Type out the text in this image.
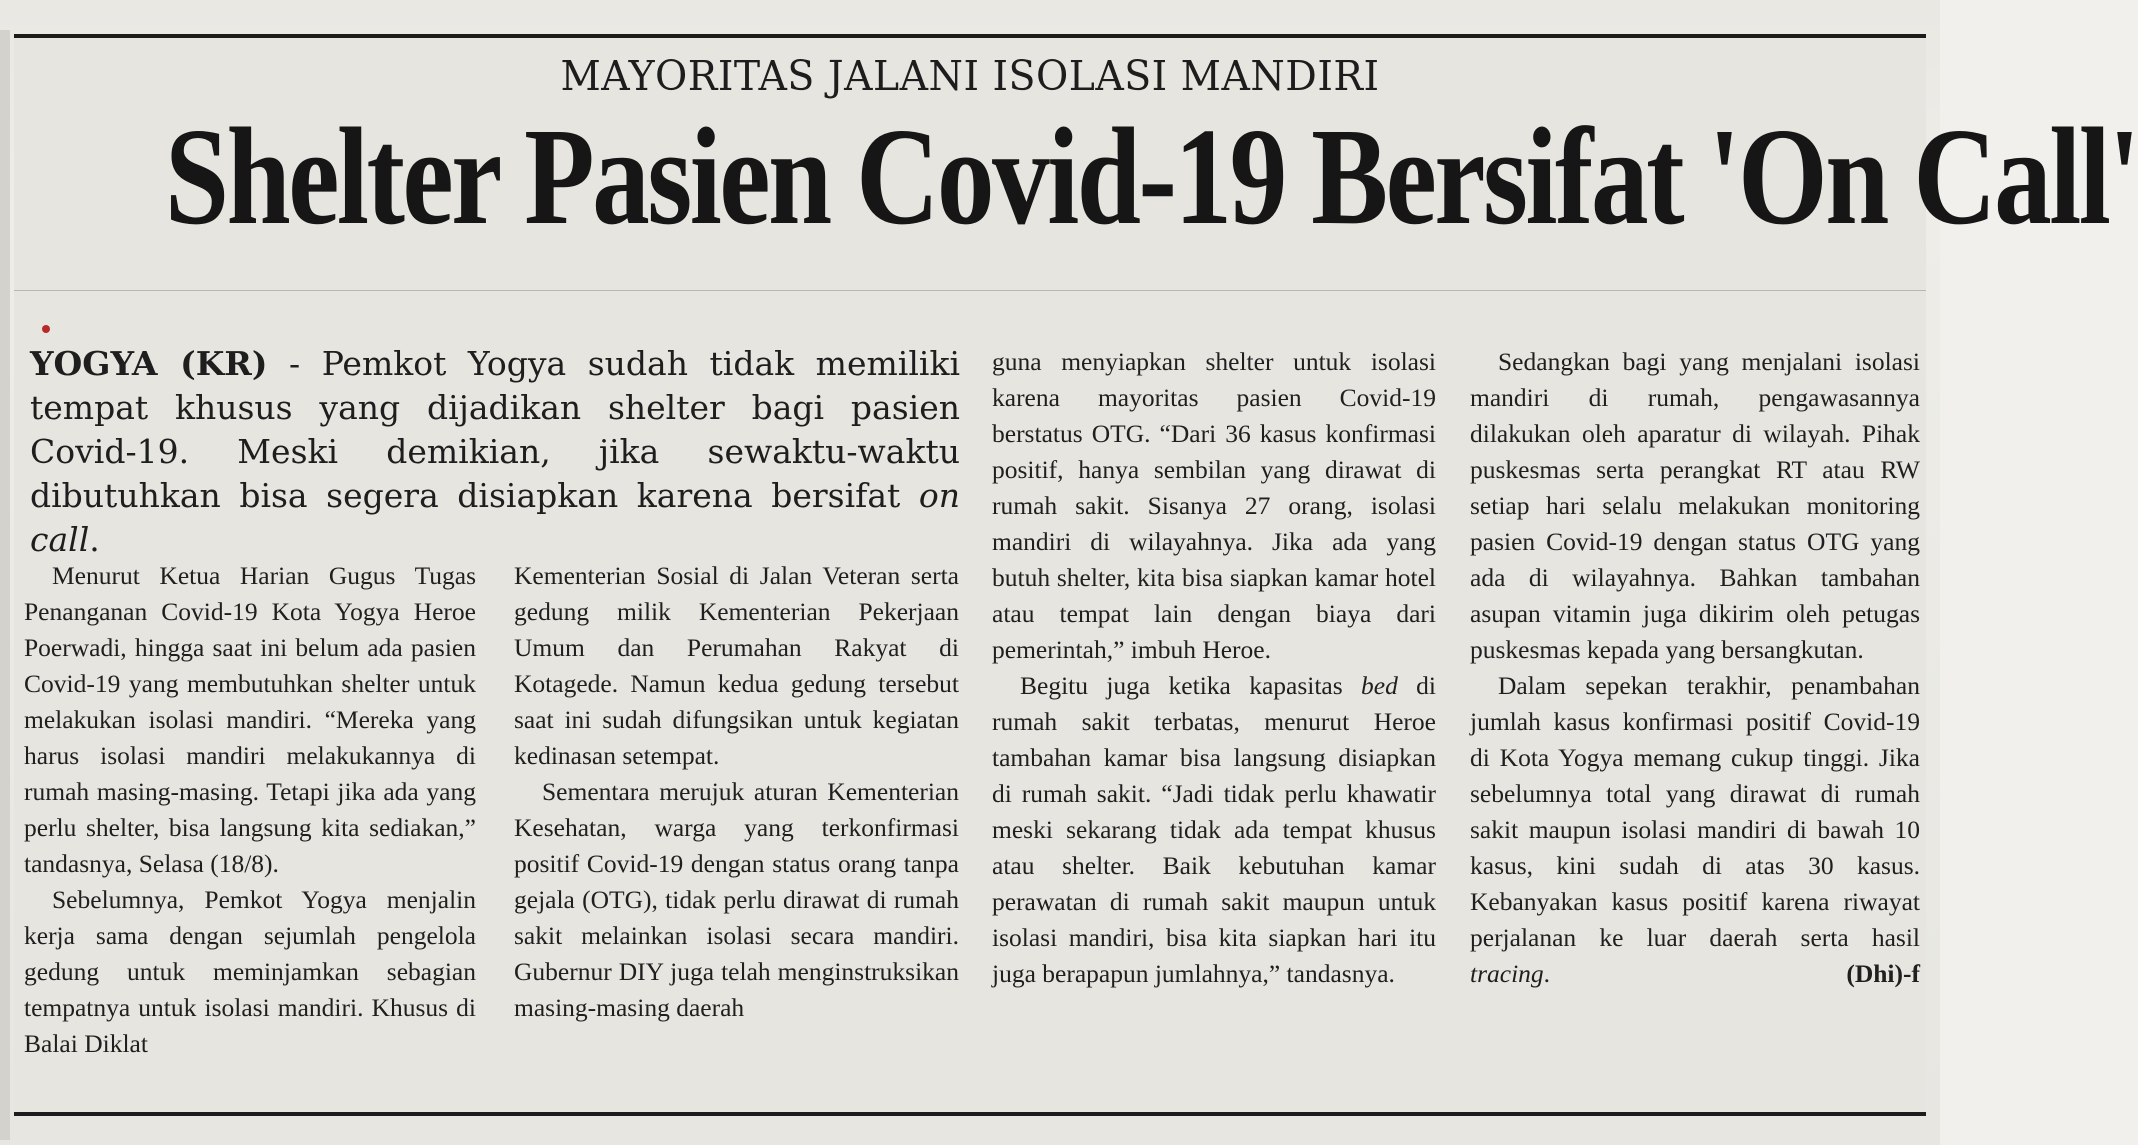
MAYORITAS JALANI ISOLASI MANDIRI
Shelter Pasien Covid-19 Bersifat 'On Call'
YOGYA (KR) - Pemkot Yogya sudah tidak memiliki tempat khusus yang dijadikan shelter bagi pasien Covid-19. Meski demikian, jika sewaktu-waktu dibutuhkan bisa segera disiapkan karena bersifat on call.

Menurut Ketua Harian Gugus Tugas Penanganan Covid-19 Kota Yogya Heroe Poerwadi, hingga saat ini belum ada pasien Covid-19 yang membutuhkan shelter untuk melakukan isolasi mandiri. “Mereka yang harus isolasi mandiri melakukannya di rumah masing-masing. Tetapi jika ada yang perlu shelter, bisa langsung kita sediakan,” tandasnya, Selasa (18/8).

Sebelumnya, Pemkot Yogya menjalin kerja sama dengan sejumlah pengelola gedung untuk meminjamkan sebagian tempatnya untuk isolasi mandiri. Khusus di Balai Diklat

Kementerian Sosial di Jalan Veteran serta gedung milik Kementerian Pekerjaan Umum dan Perumahan Rakyat di Kotagede. Namun kedua gedung tersebut saat ini sudah difungsikan untuk kegiatan kedinasan setempat.

Sementara merujuk aturan Kementerian Kesehatan, warga yang terkonfirmasi positif Covid-19 dengan status orang tanpa gejala (OTG), tidak perlu dirawat di rumah sakit melainkan isolasi secara mandiri. Gubernur DIY juga telah menginstruksikan masing-masing daerah

guna menyiapkan shelter untuk isolasi karena mayoritas pasien Covid-19 berstatus OTG. “Dari 36 kasus konfirmasi positif, hanya sembilan yang dirawat di rumah sakit. Sisanya 27 orang, isolasi mandiri di wilayahnya. Jika ada yang butuh shelter, kita bisa siapkan kamar hotel atau tempat lain dengan biaya dari pemerintah,” imbuh Heroe.

Begitu juga ketika kapasitas bed di rumah sakit terbatas, menurut Heroe tambahan kamar bisa langsung disiapkan di rumah sakit. “Jadi tidak perlu khawatir meski sekarang tidak ada tempat khusus atau shelter. Baik kebutuhan kamar perawatan di rumah sakit maupun untuk isolasi mandiri, bisa kita siapkan hari itu juga berapapun jumlahnya,” tandasnya.

Sedangkan bagi yang menjalani isolasi mandiri di rumah, pengawasannya dilakukan oleh aparatur di wilayah. Pihak puskesmas serta perangkat RT atau RW setiap hari selalu melakukan monitoring pasien Covid-19 dengan status OTG yang ada di wilayahnya. Bahkan tambahan asupan vitamin juga dikirim oleh petugas puskesmas kepada yang bersangkutan.

Dalam sepekan terakhir, penambahan jumlah kasus konfirmasi positif Covid-19 di Kota Yogya memang cukup tinggi. Jika sebelumnya total yang dirawat di rumah sakit maupun isolasi mandiri di bawah 10 kasus, kini sudah di atas 30 kasus. Kebanyakan kasus positif karena riwayat perjalanan ke luar daerah serta hasil tracing.	(Dhi)-f
